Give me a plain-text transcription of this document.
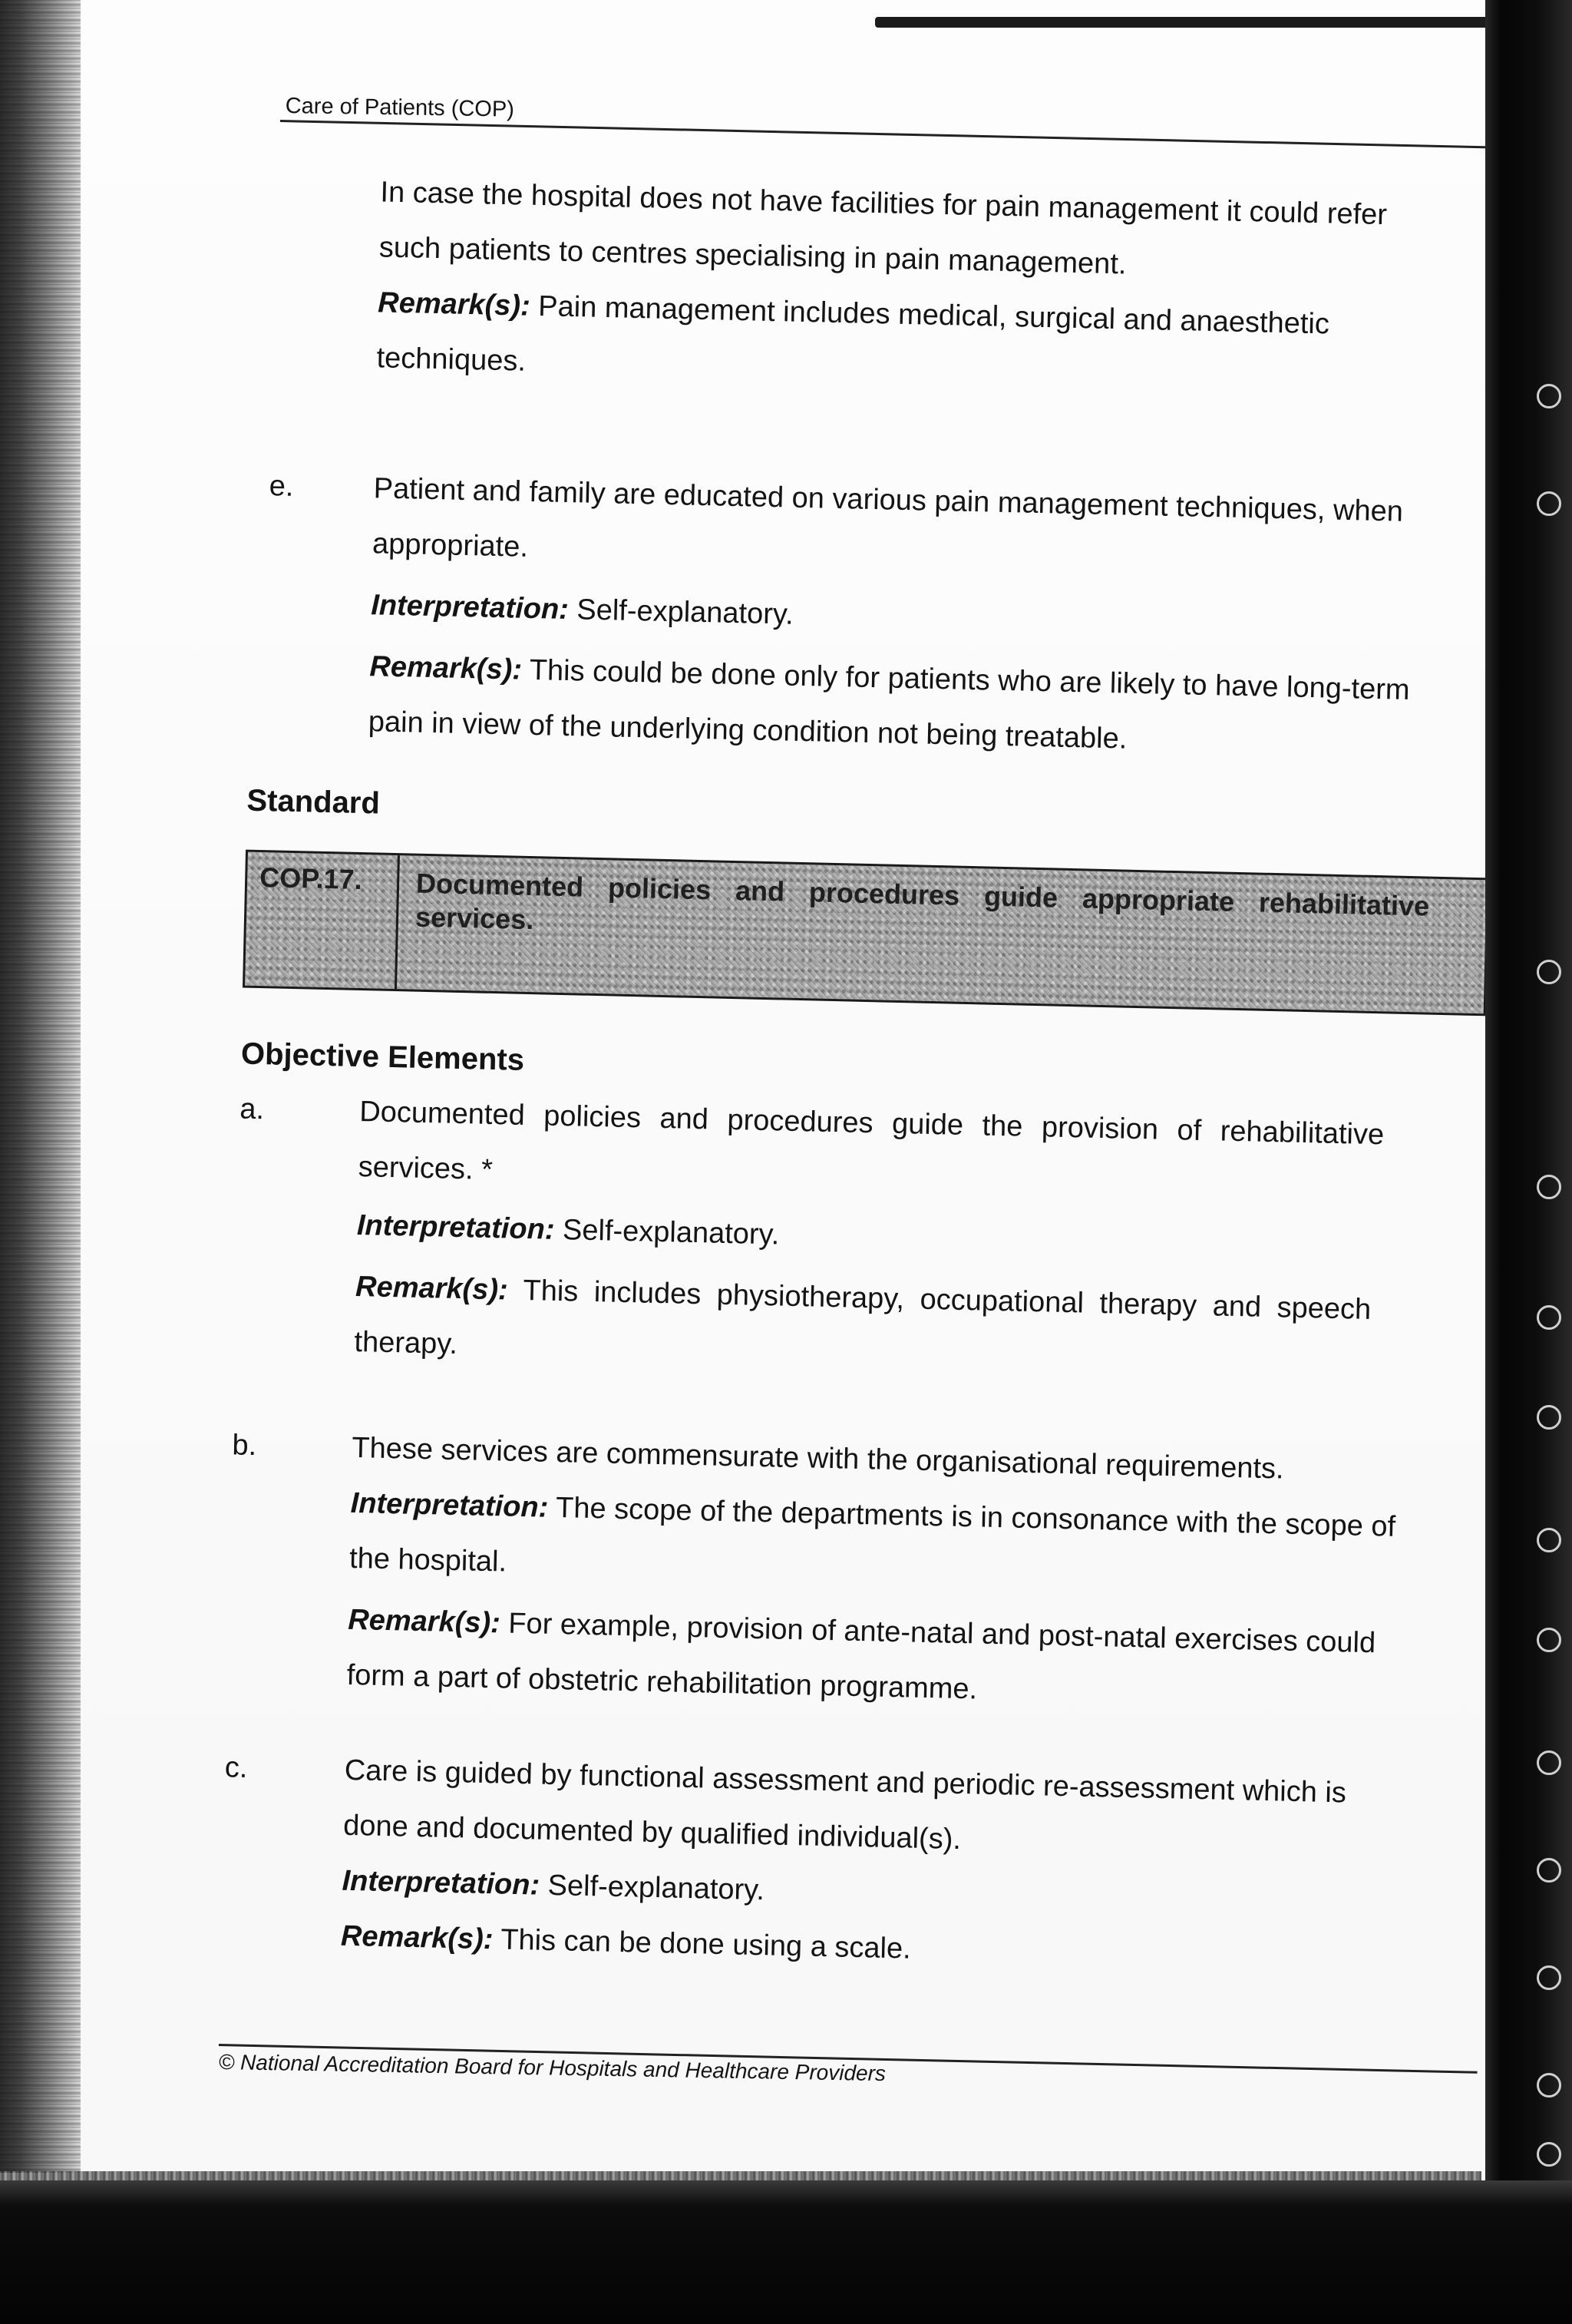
Care of Patients (COP)
In case the hospital does not have facilities for pain management it could refer
such patients to centres specialising in pain management.
Remark(s): Pain management includes medical, surgical and anaesthetic
techniques.
e.	Patient and family are educated on various pain management techniques, when
appropriate.
Interpretation: Self-explanatory.
Remark(s): This could be done only for patients who are likely to have long-term
pain in view of the underlying condition not being treatable.
Standard
COP.17. Documented policies and procedures guide appropriate rehabilitative services.
Objective Elements
a.	Documented policies and procedures guide the provision of rehabilitative
services. *
Interpretation: Self-explanatory.
Remark(s): This includes physiotherapy, occupational therapy and speech
therapy.
b.	These services are commensurate with the organisational requirements.
Interpretation: The scope of the departments is in consonance with the scope of
the hospital.
Remark(s): For example, provision of ante-natal and post-natal exercises could
form a part of obstetric rehabilitation programme.
c.	Care is guided by functional assessment and periodic re-assessment which is
done and documented by qualified individual(s).
Interpretation: Self-explanatory.
Remark(s): This can be done using a scale.
© National Accreditation Board for Hospitals and Healthcare Providers
